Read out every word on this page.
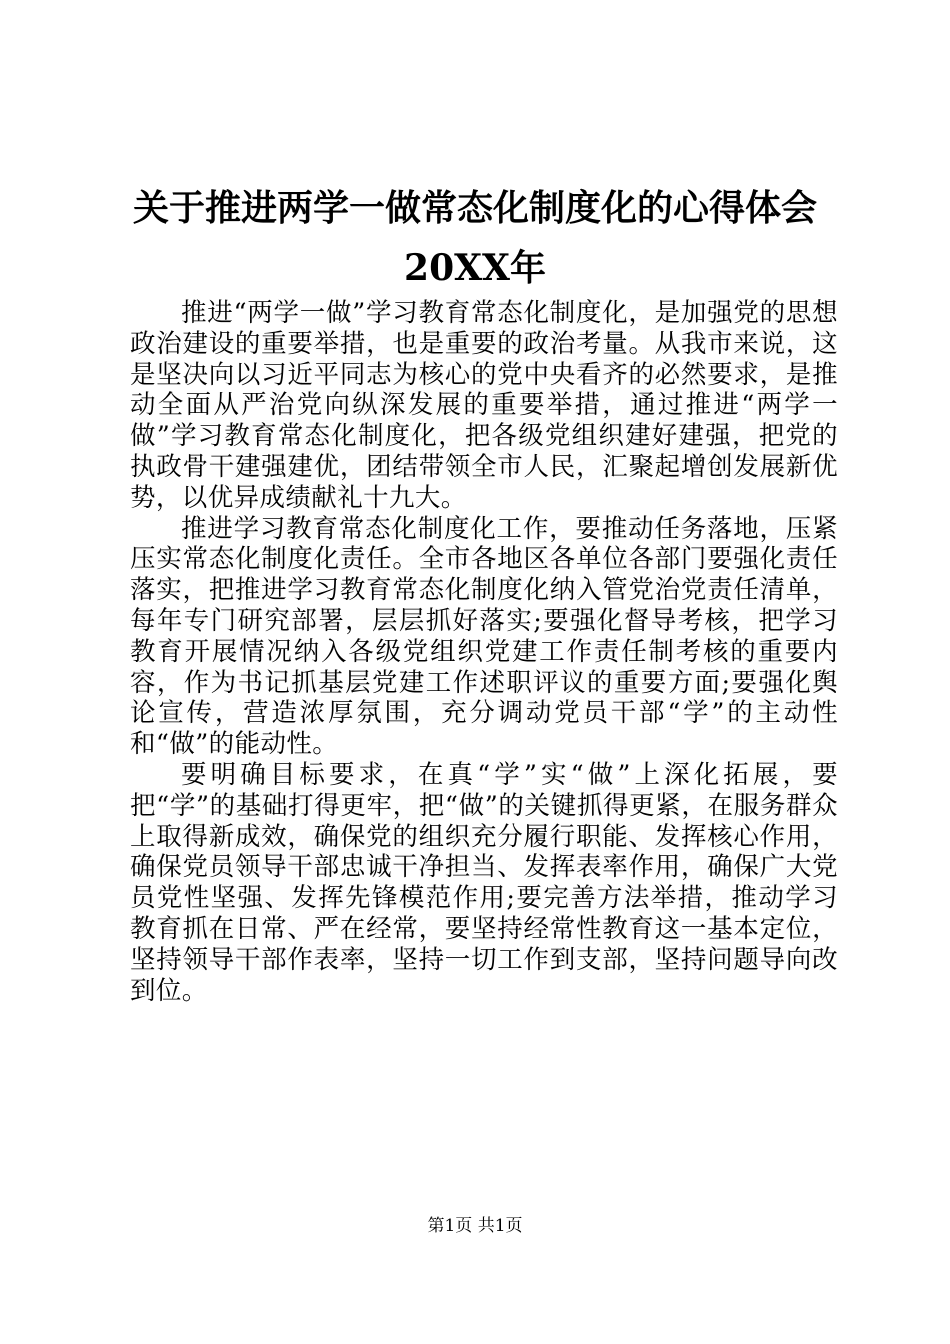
关于推进两学一做常态化制度化的心得体会
20XX年

推进“两学一做”学习教育常态化制度化，是加强党的思想政治建设的重要举措，也是重要的政治考量。从我市来说，这是坚决向以习近平同志为核心的党中央看齐的必然要求，是推动全面从严治党向纵深发展的重要举措，通过推进“两学一做”学习教育常态化制度化，把各级党组织建好建强，把党的执政骨干建强建优，团结带领全市人民，汇聚起增创发展新优势，以优异成绩献礼十九大。

推进学习教育常态化制度化工作，要推动任务落地，压紧压实常态化制度化责任。全市各地区各单位各部门要强化责任落实，把推进学习教育常态化制度化纳入管党治党责任清单，每年专门研究部署，层层抓好落实;要强化督导考核，把学习教育开展情况纳入各级党组织党建工作责任制考核的重要内容，作为书记抓基层党建工作述职评议的重要方面;要强化舆论宣传，营造浓厚氛围，充分调动党员干部“学”的主动性和“做”的能动性。

要明确目标要求，在真“学”实“做”上深化拓展，要把“学”的基础打得更牢，把“做”的关键抓得更紧，在服务群众上取得新成效，确保党的组织充分履行职能、发挥核心作用，确保党员领导干部忠诚干净担当、发挥表率作用，确保广大党员党性坚强、发挥先锋模范作用;要完善方法举措，推动学习教育抓在日常、严在经常，要坚持经常性教育这一基本定位，坚持领导干部作表率，坚持一切工作到支部，坚持问题导向改到位。

第1页 共1页
